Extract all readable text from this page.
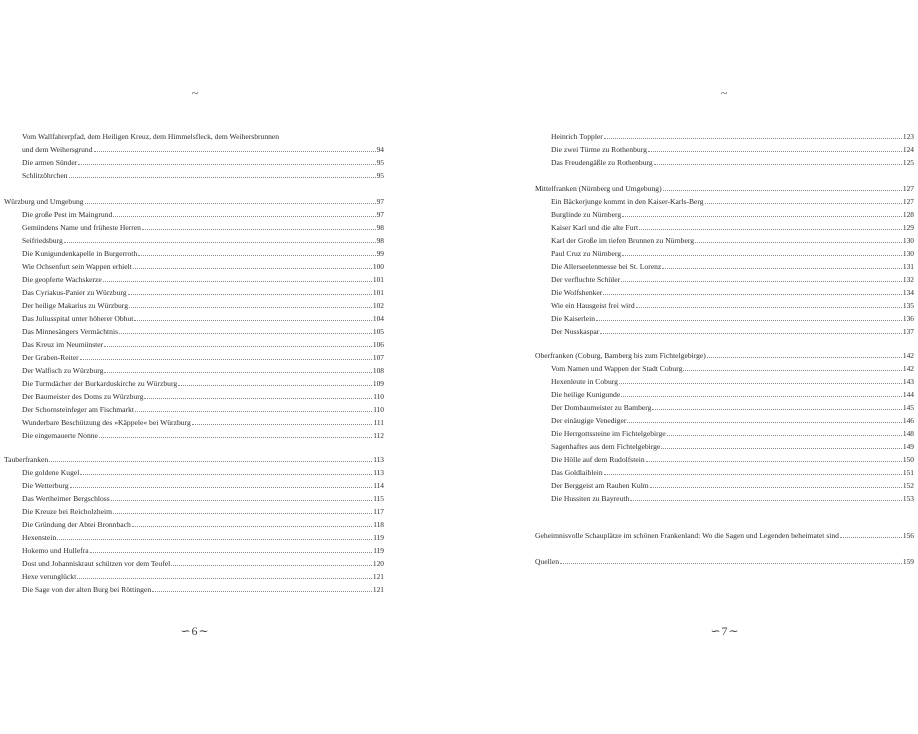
~
Vom Wallfahrerpfad, dem Heiligen Kreuz, dem Himmelsfleck, dem Weihersbrunnen
und dem Weihersgrund	94
Die armen Sünder	95
Schlitzöhrchen	95
Würzburg und Umgebung	97
Die große Pest im Maingrund	97
Gemündens Name und früheste Herren	98
Seifriedsburg	98
Die Kunigundenkapelle in Burgerroth	99
Wie Ochsenfurt sein Wappen erhielt	100
Die geopferte Wachskerze	101
Das Cyriakus-Panier zu Würzburg	101
Der heilige Makarius zu Würzburg	102
Das Juliusspital unter höherer Obhut	104
Das Minnesängers Vermächtnis	105
Das Kreuz im Neumünster	106
Der Graben-Reiter	107
Der Walfisch zu Würzburg	108
Die Turmdächer der Burkarduskirche zu Würzburg	109
Der Baumeister des Doms zu Würzburg	110
Der Schornsteinfeger am Fischmarkt	110
Wunderbare Beschützung des »Käppele« bei Würzburg	111
Die eingemauerte Nonne	112
Tauberfranken	113
Die goldene Kugel	113
Die Wetterburg	114
Das Wertheimer Bergschloss	115
Die Kreuze bei Reicholzheim	117
Die Gründung der Abtei Bronnbach	118
Hexenstein	119
Hokemo und Hullefra	119
Dost und Johanniskraut schützen vor dem Teufel	120
Hexe verunglückt	121
Die Sage von der alten Burg bei Röttingen	121
∽6∼
~
Heinrich Toppler	123
Die zwei Türme zu Rothenburg	124
Das Freudengäßle zu Rothenburg	125
Mittelfranken (Nürnberg und Umgebung)	127
Ein Bäckerjunge kommt in den Kaiser-Karls-Berg	127
Burglinde zu Nürnberg	128
Kaiser Karl und die alte Furt	129
Karl der Große im tiefen Brunnen zu Nürnberg	130
Paul Cruz zu Nürnberg	130
Die Allerseelenmesse bei St. Lorenz	131
Der verfluchte Schüler	132
Die Wolfshenker	134
Wie ein Hausgeist frei wird	135
Die Kaiserlein	136
Der Nusskaspar	137
Oberfranken (Coburg, Bamberg bis zum Fichtelgebirge)	142
Vom Namen und Wappen der Stadt Coburg	142
Hexenleute in Coburg	143
Die heilige Kunigunde	144
Der Dombaumeister zu Bamberg	145
Der einäugige Venediger	146
Die Herrgottssteine im Fichtelgebirge	148
Sagenhaftes aus dem Fichtelgebirge	149
Die Hölle auf dem Rudolfstein	150
Das Goldlaiblein	151
Der Berggeist am Rauhen Kulm	152
Die Hussiten zu Bayreuth	153
Geheimnisvolle Schauplätze im schönen Frankenland: Wo die Sagen und Legenden beheimatet sind	156
Quellen	159
∽7∼
